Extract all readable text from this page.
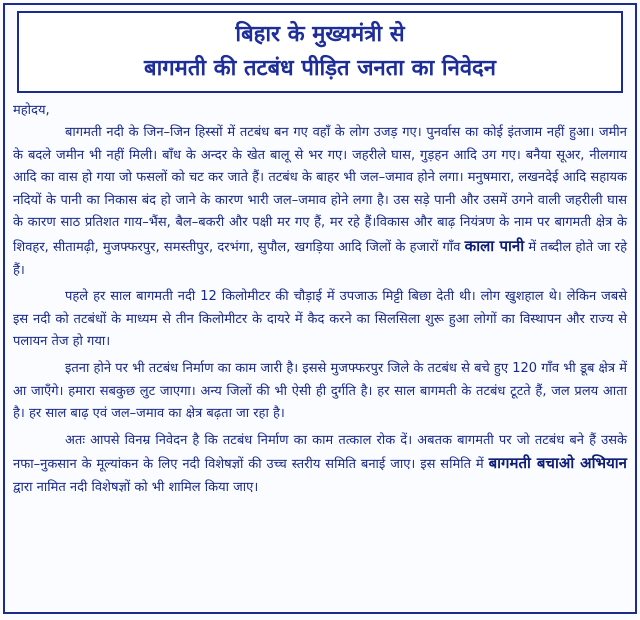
बिहार के मुख्यमंत्री से
बागमती की तटबंध पीड़ित जनता का निवेदन

महोदय,

बागमती नदी के जिन–जिन हिस्सों में तटबंध बन गए वहाँ के लोग उजड़ गए। पुनर्वास का कोई इंतजाम नहीं हुआ। जमीन के बदले जमीन भी नहीं मिली। बाँध के अन्दर के खेत बालू से भर गए। जहरीले घास, गुड़हन आदि उग गए। बनैया सूअर, नीलगाय आदि का वास हो गया जो फसलों को चट कर जाते हैं। तटबंध के बाहर भी जल–जमाव होने लगा। मनुषमारा, लखनदेई आदि सहायक नदियों के पानी का निकास बंद हो जाने के कारण भारी जल–जमाव होने लगा है। उस सड़े पानी और उसमें उगने वाली जहरीली घास के कारण साठ प्रतिशत गाय–भैंस, बैल–बकरी और पक्षी मर गए हैं, मर रहे हैं।विकास और बाढ़ नियंत्रण के नाम पर बागमती क्षेत्र के शिवहर, सीतामढ़ी, मुजफ्फरपुर, समस्तीपुर, दरभंगा, सुपौल, खगड़िया आदि जिलों के हजारों गाँव काला पानी में तब्दील होते जा रहे हैं।

पहले हर साल बागमती नदी 12 किलोमीटर की चौड़ाई में उपजाऊ मिट्टी बिछा देती थी। लोग खुशहाल थे। लेकिन जबसे इस नदी को तटबंधों के माध्यम से तीन किलोमीटर के दायरे में कैद करने का सिलसिला शुरू हुआ लोगों का विस्थापन और राज्य से पलायन तेज हो गया।

इतना होने पर भी तटबंध निर्माण का काम जारी है। इससे मुजफ्फरपुर जिले के तटबंध से बचे हुए 120 गाँव भी डूब क्षेत्र में आ जाएँगे। हमारा सबकुछ लुट जाएगा। अन्य जिलों की भी ऐसी ही दुर्गति है। हर साल बागमती के तटबंध टूटते हैं, जल प्रलय आता है। हर साल बाढ़ एवं जल–जमाव का क्षेत्र बढ़ता जा रहा है।

अतः आपसे विनम्र निवेदन है कि तटबंध निर्माण का काम तत्काल रोक दें। अबतक बागमती पर जो तटबंध बने हैं उसके नफा–नुकसान के मूल्यांकन के लिए नदी विशेषज्ञों की उच्च स्तरीय समिति बनाई जाए। इस समिति में बागमती बचाओ अभियान द्वारा नामित नदी विशेषज्ञों को भी शामिल किया जाए।
